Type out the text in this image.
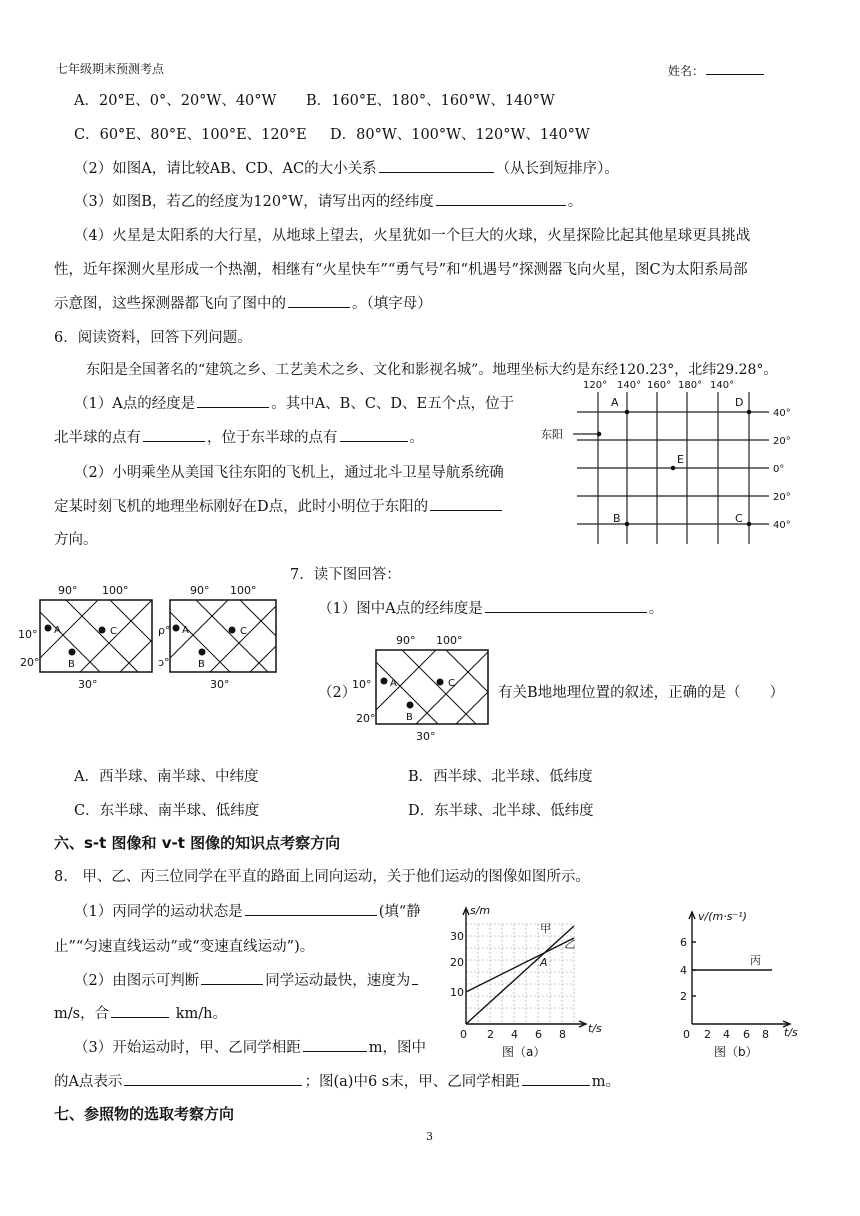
七年级期末预测考点	姓名：
A．20°E、0°、20°W、40°W B．160°E、180°、160°W、140°W
C．60°E、80°E、100°E、120°E D．80°W、100°W、120°W、140°W
（2）如图A，请比较AB、CD、AC的大小关系	（从长到短排序）。
（3）如图B，若乙的经度为120°W，请写出丙的经纬度	。
（4）火星是太阳系的大行星，从地球上望去，火星犹如一个巨大的火球，火星探险比起其他星球更具挑战
性，近年探测火星形成一个热潮，相继有“火星快车”“勇气号”和“机遇号”探测器飞向火星，图C为太阳系局部
示意图，这些探测器都飞向了图中的	。（填字母）
6．阅读资料，回答下列问题。
东阳是全国著名的“建筑之乡、工艺美术之乡、文化和影视名城”。地理坐标大约是东经120.23°，北纬29.28°。
（1）A点的经度是	。其中A、B、C、D、E五个点，位于
北半球的点有	，位于东半球的点有	。
（2）小明乘坐从美国飞往东阳的飞机上，通过北斗卫星导航系统确
定某时刻飞机的地理坐标刚好在D点，此时小明位于东阳的
方向。
120° 140° 160° 180° 140°
40°
20°
0°
20°
40°
A	D
E
B	C
东阳
90° 100°
10°
20°
30°
A
B
C
90° 100°
ρ°
ɔ°
30°
A
B
C
7．读下图回答：
（1）图中A点的经纬度是	。
（2）
90° 100°
10°
20°
30°
A
B
C
有关B地地理位置的叙述，正确的是（　　）
A．西半球、南半球、中纬度	B．西半球、北半球、低纬度
C．东半球、南半球、低纬度	D．东半球、北半球、低纬度
六、s-t 图像和 v-t 图像的知识点考察方向
8.　甲、乙、丙三位同学在平直的路面上同向运动，关于他们运动的图像如图所示。
（1）丙同学的运动状态是	(填“静
止”“匀速直线运动”或“变速直线运动”)。
（2）由图示可判断	同学运动最快，速度为
m/s，合	km/h。
（3）开始运动时，甲、乙同学相距	m，图中
的A点表示	；图(a)中6 s末，甲、乙同学相距	m。
s/m
t/s
10
20
30
0 2 4 6 8
甲
乙
A
图（a）
v/(m·s⁻¹)
t/s
2
4
6
0 2 4 6 8
丙
图（b）
七、参照物的选取考察方向
3
